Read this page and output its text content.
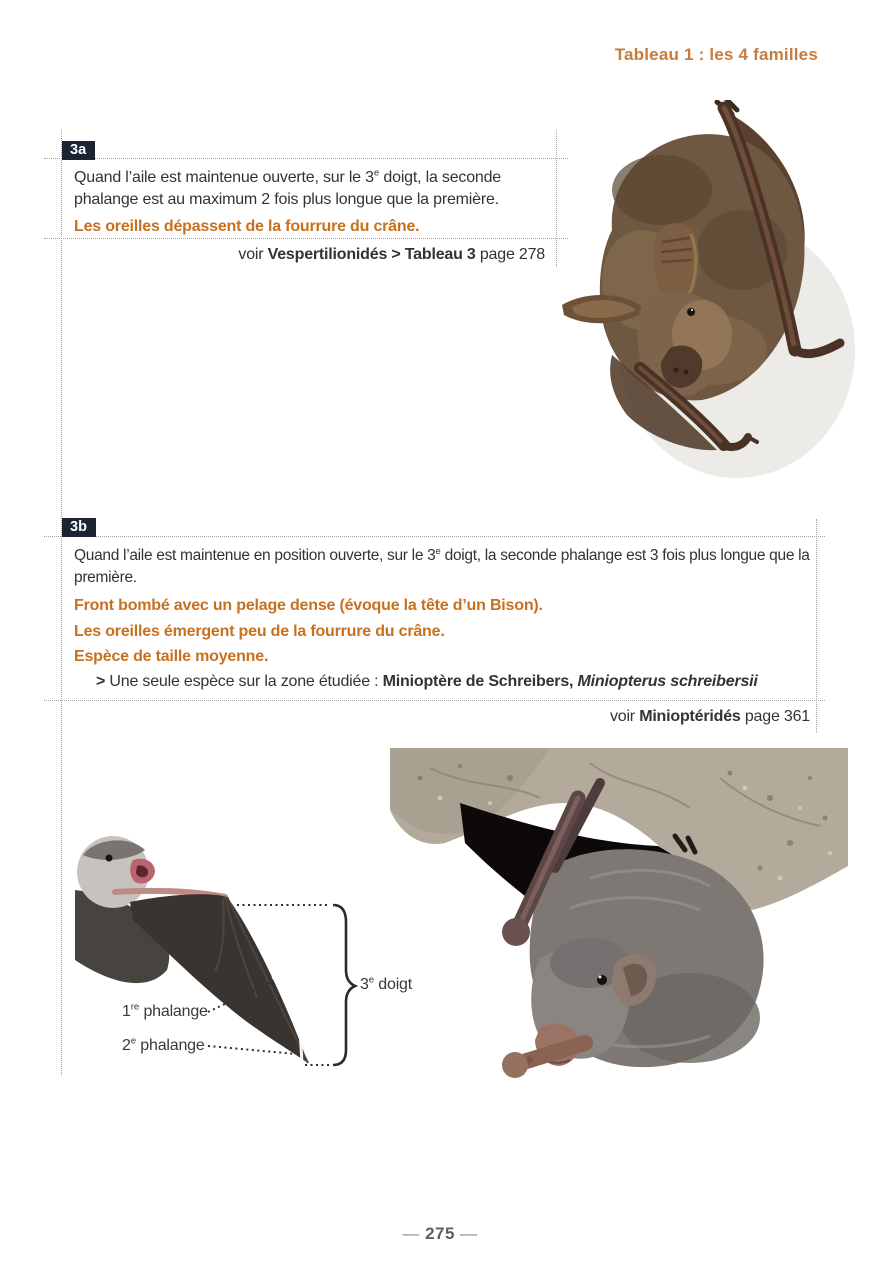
Tableau 1 : les 4 familles
3a

Quand l’aile est maintenue ouverte, sur le 3e doigt, la seconde phalange est au maximum 2 fois plus longue que la première.

Les oreilles dépassent de la fourrure du crâne.

voir Vespertilionidés > Tableau 3 page 278
3b

Quand l’aile est maintenue en position ouverte, sur le 3e doigt, la seconde phalange est 3 fois plus longue que la première.

Front bombé avec un pelage dense (évoque la tête d’un Bison).

Les oreilles émergent peu de la fourrure du crâne.

Espèce de taille moyenne.

> Une seule espèce sur la zone étudiée : Minioptère de Schreibers, Miniopterus schreibersii

voir Minioptéridés page 361
1re phalange
2e phalange
3e doigt
— 275 —
